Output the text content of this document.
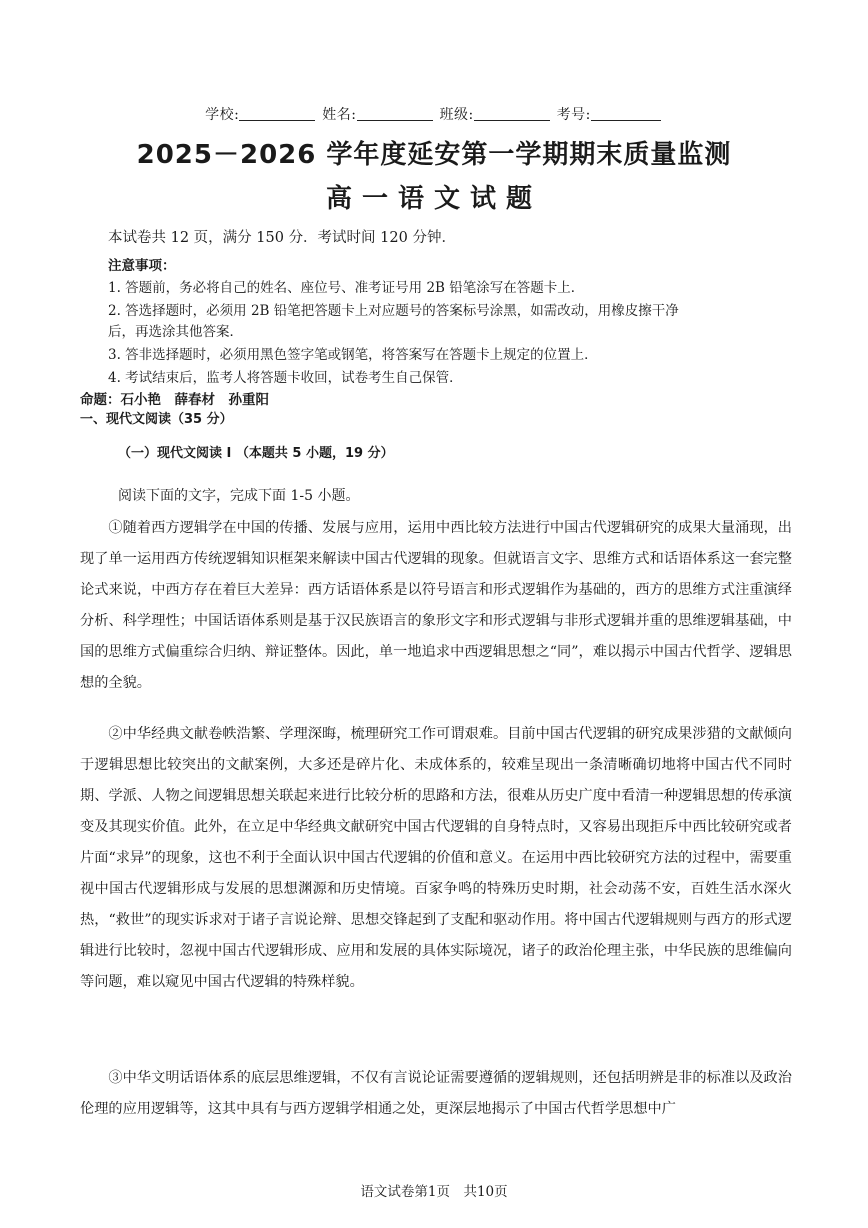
学校:	姓名:	班级:	考号:
2025－2026 学年度延安第一学期期末质量监测
高一语文试题
本试卷共 12 页，满分 150 分．考试时间 120 分钟．
注意事项：
1. 答题前，务必将自己的姓名、座位号、准考证号用 2B 铅笔涂写在答题卡上．
2. 答选择题时，必须用 2B 铅笔把答题卡上对应题号的答案标号涂黑，如需改动，用橡皮擦干净
后，再选涂其他答案．
3. 答非选择题时，必须用黑色签字笔或钢笔，将答案写在答题卡上规定的位置上．
4. 考试结束后，监考人将答题卡收回，试卷考生自己保管．
命题：石小艳　薛春材　孙重阳
一、现代文阅读（35 分）
（一）现代文阅读 I （本题共 5 小题，19 分）
阅读下面的文字，完成下面 1-5 小题。
①随着西方逻辑学在中国的传播、发展与应用，运用中西比较方法进行中国古代逻辑研究的成果大量涌现，出现了单一运用西方传统逻辑知识框架来解读中国古代逻辑的现象。但就语言文字、思维方式和话语体系这一套完整论式来说，中西方存在着巨大差异：西方话语体系是以符号语言和形式逻辑作为基础的，西方的思维方式注重演绎分析、科学理性；中国话语体系则是基于汉民族语言的象形文字和形式逻辑与非形式逻辑并重的思维逻辑基础，中国的思维方式偏重综合归纳、辩证整体。因此，单一地追求中西逻辑思想之“同”，难以揭示中国古代哲学、逻辑思想的全貌。
②中华经典文献卷帙浩繁、学理深晦，梳理研究工作可谓艰难。目前中国古代逻辑的研究成果涉猎的文献倾向于逻辑思想比较突出的文献案例，大多还是碎片化、未成体系的，较难呈现出一条清晰确切地将中国古代不同时期、学派、人物之间逻辑思想关联起来进行比较分析的思路和方法，很难从历史广度中看清一种逻辑思想的传承演变及其现实价值。此外，在立足中华经典文献研究中国古代逻辑的自身特点时，又容易出现拒斥中西比较研究或者片面“求异”的现象，这也不利于全面认识中国古代逻辑的价值和意义。在运用中西比较研究方法的过程中，需要重视中国古代逻辑形成与发展的思想渊源和历史情境。百家争鸣的特殊历史时期，社会动荡不安，百姓生活水深火热，“救世”的现实诉求对于诸子言说论辩、思想交锋起到了支配和驱动作用。将中国古代逻辑规则与西方的形式逻辑进行比较时，忽视中国古代逻辑形成、应用和发展的具体实际境况，诸子的政治伦理主张，中华民族的思维偏向等问题，难以窥见中国古代逻辑的特殊样貌。
③中华文明话语体系的底层思维逻辑，不仅有言说论证需要遵循的逻辑规则，还包括明辨是非的标准以及政治伦理的应用逻辑等，这其中具有与西方逻辑学相通之处，更深层地揭示了中国古代哲学思想中广
语文试卷第1页　共10页
